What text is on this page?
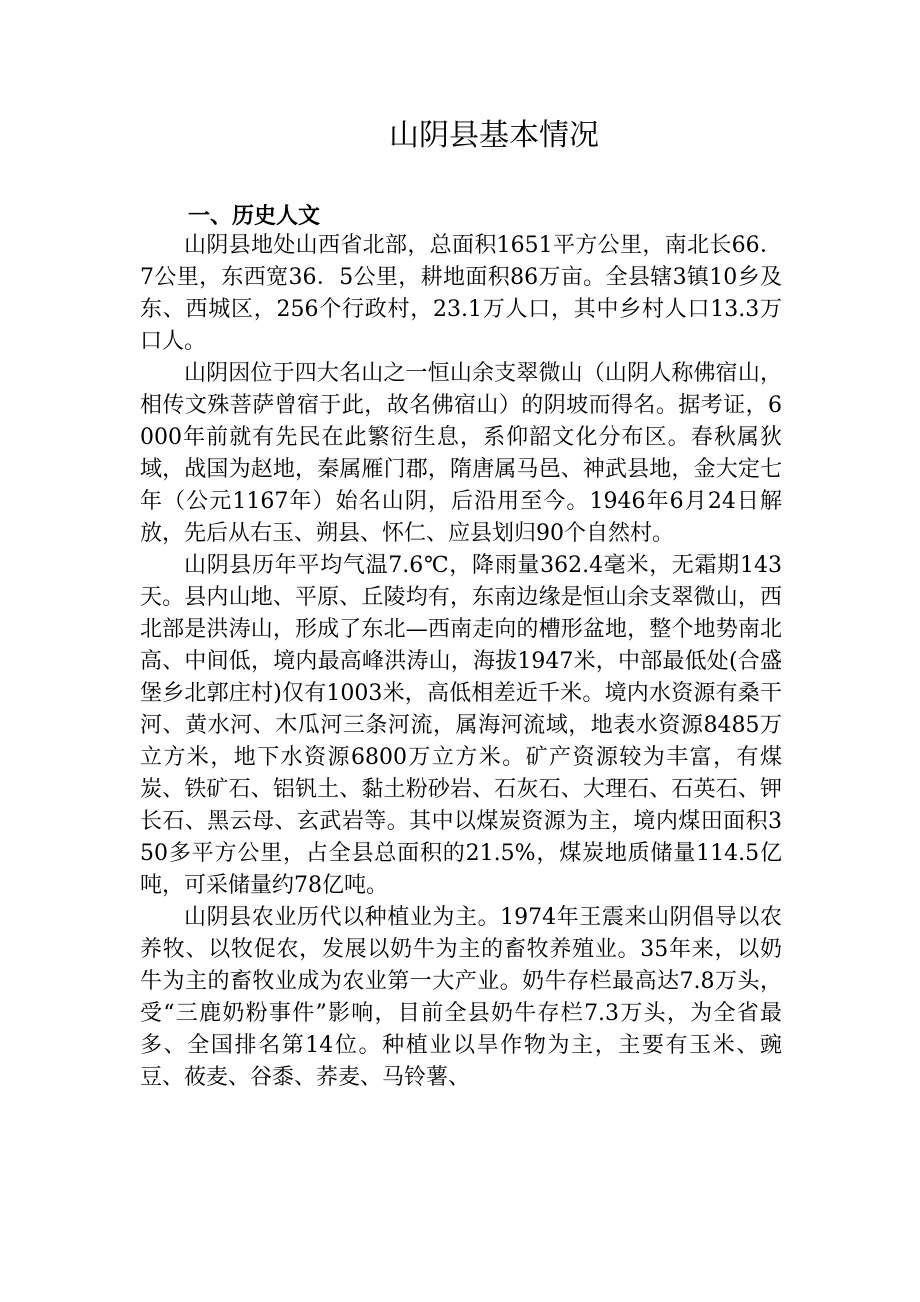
山阴县基本情况
一、历史人文

山阴县地处山西省北部，总面积1651平方公里，南北长66．7公里，东西宽36．5公里，耕地面积86万亩。全县辖3镇10乡及东、西城区，256个行政村，23.1万人口，其中乡村人口13.3万口人。

山阴因位于四大名山之一恒山余支翠微山（山阴人称佛宿山，相传文殊菩萨曾宿于此，故名佛宿山）的阴坡而得名。据考证，6000年前就有先民在此繁衍生息，系仰韶文化分布区。春秋属狄域，战国为赵地，秦属雁门郡，隋唐属马邑、神武县地，金大定七年（公元1167年）始名山阴，后沿用至今。1946年6月24日解放，先后从右玉、朔县、怀仁、应县划归90个自然村。

山阴县历年平均气温7.6℃，降雨量362.4毫米，无霜期143天。县内山地、平原、丘陵均有，东南边缘是恒山余支翠微山，西北部是洪涛山，形成了东北—西南走向的槽形盆地，整个地势南北高、中间低，境内最高峰洪涛山，海拔1947米，中部最低处(合盛堡乡北郭庄村)仅有1003米，高低相差近千米。境内水资源有桑干河、黄水河、木瓜河三条河流，属海河流域，地表水资源8485万立方米，地下水资源6800万立方米。矿产资源较为丰富，有煤炭、铁矿石、铝钒土、黏土粉砂岩、石灰石、大理石、石英石、钾长石、黑云母、玄武岩等。其中以煤炭资源为主，境内煤田面积350多平方公里，占全县总面积的21.5%，煤炭地质储量114.5亿吨，可采储量约78亿吨。

山阴县农业历代以种植业为主。1974年王震来山阴倡导以农养牧、以牧促农，发展以奶牛为主的畜牧养殖业。35年来，以奶牛为主的畜牧业成为农业第一大产业。奶牛存栏最高达7.8万头，受“三鹿奶粉事件”影响，目前全县奶牛存栏7.3万头，为全省最多、全国排名第14位。种植业以旱作物为主，主要有玉米、豌豆、莜麦、谷黍、荞麦、马铃薯、
